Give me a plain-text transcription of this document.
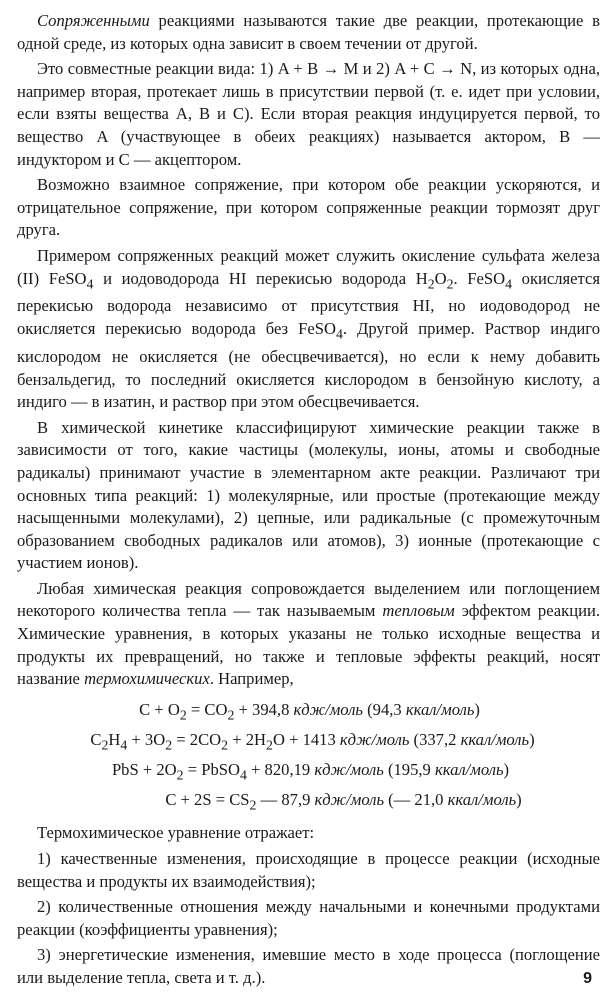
Сопряженными реакциями называются такие две реакции, протекающие в одной среде, из которых одна зависит в своем течении от другой.

Это совместные реакции вида: 1) A + B → M и 2) A + C → N, из которых одна, например вторая, протекает лишь в присутствии первой (т. е. идет при условии, если взяты вещества A, B и C). Если вторая реакция индуцируется первой, то вещество A (участвующее в обеих реакциях) называется актором, B — индуктором и C — акцептором.

Возможно взаимное сопряжение, при котором обе реакции ускоряются, и отрицательное сопряжение, при котором сопряженные реакции тормозят друг друга.

Примером сопряженных реакций может служить окисление сульфата железа (II) FeSO$_4$ и иодоводорода HI перекисью водорода $H_2O_2$. FeSO$_4$ окисляется перекисью водорода независимо от присутствия HI, но иодоводород не окисляется перекисью водорода без FeSO$_4$. Другой пример. Раствор индиго кислородом не окисляется (не обесцвечивается), но если к нему добавить бензальдегид, то последний окисляется кислородом в бензойную кислоту, а индиго — в изатин, и раствор при этом обесцвечивается.

В химической кинетике классифицируют химические реакции также в зависимости от того, какие частицы (молекулы, ионы, атомы и свободные радикалы) принимают участие в элементарном акте реакции. Различают три основных типа реакций: 1) молекулярные, или простые (протекающие между насыщенными молекулами), 2) цепные, или радикальные (с промежуточным образованием свободных радикалов или атомов), 3) ионные (протекающие с участием ионов).

Любая химическая реакция сопровождается выделением или поглощением некоторого количества тепла — так называемым тепловым эффектом реакции. Химические уравнения, в которых указаны не только исходные вещества и продукты их превращений, но также и тепловые эффекты реакций, носят название термохимических. Например,

$C + O_2 = CO_2 + 394,8$ кдж/моль (94,3 ккал/моль)
$C_2H_4 + 3O_2 = 2CO_2 + 2H_2O + 1413$ кдж/моль (337,2 ккал/моль)
PbS + $2O_2$ = PbSO$_4$ + 820,19 кдж/моль (195,9 ккал/моль)
$C + 2S = CS_2$ — 87,9 кдж/моль (— 21,0 ккал/моль)

Термохимическое уравнение отражает:

1) качественные изменения, происходящие в процессе реакции (исходные вещества и продукты их взаимодействия);

2) количественные отношения между начальными и конечными продуктами реакции (коэффициенты уравнения);

3) энергетические изменения, имевшие место в ходе процесса (поглощение или выделение тепла, света и т. д.).	9
